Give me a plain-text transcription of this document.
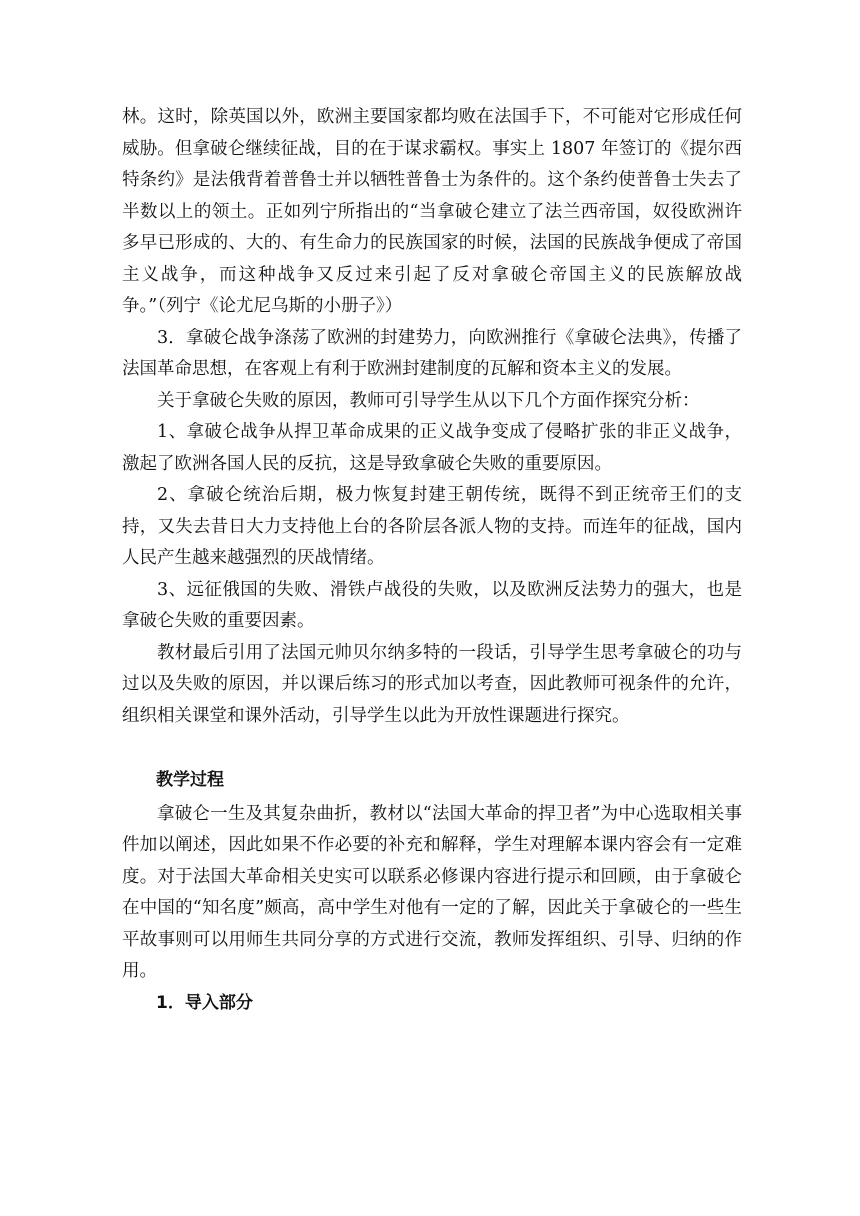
林。这时，除英国以外，欧洲主要国家都均败在法国手下，不可能对它形成任何威胁。但拿破仑继续征战，目的在于谋求霸权。事实上 1807 年签订的《提尔西特条约》是法俄背着普鲁士并以牺牲普鲁士为条件的。这个条约使普鲁士失去了半数以上的领土。正如列宁所指出的“当拿破仑建立了法兰西帝国，奴役欧洲许多早已形成的、大的、有生命力的民族国家的时候，法国的民族战争便成了帝国主义战争，而这种战争又反过来引起了反对拿破仑帝国主义的民族解放战争。”（列宁《论尤尼乌斯的小册子》）

3．拿破仑战争涤荡了欧洲的封建势力，向欧洲推行《拿破仑法典》，传播了法国革命思想，在客观上有利于欧洲封建制度的瓦解和资本主义的发展。

关于拿破仑失败的原因，教师可引导学生从以下几个方面作探究分析：

1、拿破仑战争从捍卫革命成果的正义战争变成了侵略扩张的非正义战争，激起了欧洲各国人民的反抗，这是导致拿破仑失败的重要原因。

2、拿破仑统治后期，极力恢复封建王朝传统，既得不到正统帝王们的支持，又失去昔日大力支持他上台的各阶层各派人物的支持。而连年的征战，国内人民产生越来越强烈的厌战情绪。

3、远征俄国的失败、滑铁卢战役的失败，以及欧洲反法势力的强大，也是拿破仑失败的重要因素。

教材最后引用了法国元帅贝尔纳多特的一段话，引导学生思考拿破仑的功与过以及失败的原因，并以课后练习的形式加以考查，因此教师可视条件的允许，组织相关课堂和课外活动，引导学生以此为开放性课题进行探究。

教学过程

拿破仑一生及其复杂曲折，教材以“法国大革命的捍卫者”为中心选取相关事件加以阐述，因此如果不作必要的补充和解释，学生对理解本课内容会有一定难度。对于法国大革命相关史实可以联系必修课内容进行提示和回顾，由于拿破仑在中国的“知名度”颇高，高中学生对他有一定的了解，因此关于拿破仑的一些生平故事则可以用师生共同分享的方式进行交流，教师发挥组织、引导、归纳的作用。

1．导入部分
